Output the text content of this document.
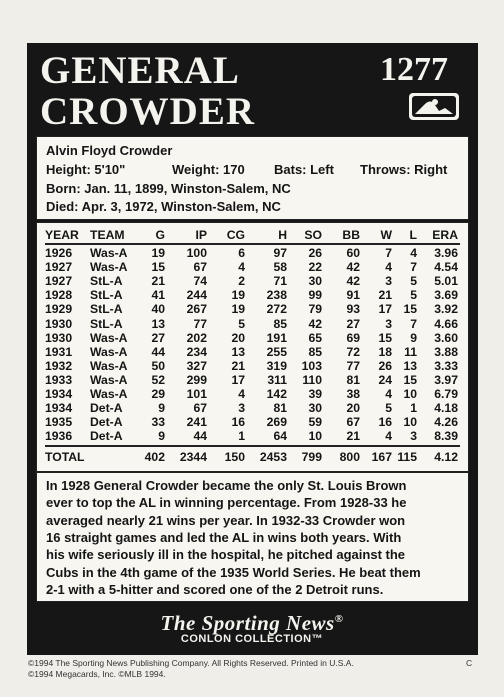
GENERAL
CROWDER
1277
Alvin Floyd Crowder
Height: 5'10"	Weight: 170 Bats: Left Throws: Right
Born: Jan. 11, 1899, Winston-Salem, NC
Died: Apr. 3, 1972, Winston-Salem, NC
YEAR TEAM	G	IP	CG	H	SO	BB	W	L	ERA
1926	Was-A	19	100	6	97	26	60	7	4	3.96
1927	Was-A	15	67	4	58	22	42	4	7	4.54
1927	StL-A	21	74	2	71	30	42	3	5	5.01
1928	StL-A	41	244	19	238	99	91	21	5	3.69
1929	StL-A	40	267	19	272	79	93	17 15	3.92
1930	StL-A	13	77	5	85	42	27	3	7	4.66
1930	Was-A	27	202	20	191	65	69	15	9	3.60
1931	Was-A	44	234	13	255	85	72	18 11	3.88
1932	Was-A	50	327	21	319	103	77	26 13	3.33
1933	Was-A	52	299	17	311	110	81	24 15	3.97
1934	Was-A	29	101	4	142	39	38	4 10	6.79
1934	Det-A	9	67	3	81	30	20	5	1	4.18
1935	Det-A	33	241	16	269	59	67	16 10	4.26
1936	Det-A	9	44	1	64	10	21	4	3	8.39
TOTAL	402	2344	150	2453	799	800 167 115	4.12
In 1928 General Crowder became the only St. Louis Brown
ever to top the AL in winning percentage. From 1928-33 he
averaged nearly 21 wins per year. In 1932-33 Crowder won
16 straight games and led the AL in wins both years. With
his wife seriously ill in the hospital, he pitched against the
Cubs in the 4th game of the 1935 World Series. He beat them
2-1 with a 5-hitter and scored one of the 2 Detroit runs.
The Sporting News®
CONLON COLLECTION™
©1994 The Sporting News Publishing Company. All Rights Reserved. Printed in U.S.A.
©1994 Megacards, Inc. ©MLB 1994.
C
